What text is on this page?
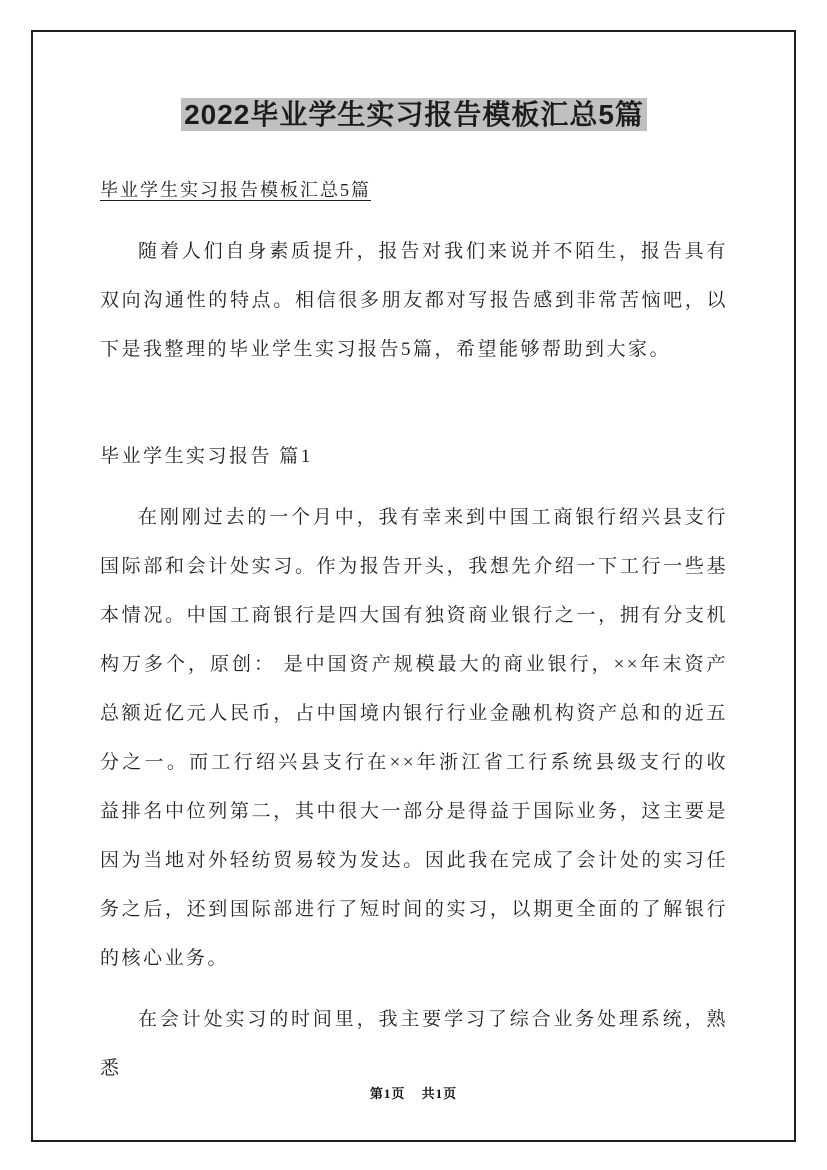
2022毕业学生实习报告模板汇总5篇
毕业学生实习报告模板汇总5篇

随着人们自身素质提升，报告对我们来说并不陌生，报告具有双向沟通性的特点。相信很多朋友都对写报告感到非常苦恼吧，以下是我整理的毕业学生实习报告5篇，希望能够帮助到大家。

毕业学生实习报告 篇1

在刚刚过去的一个月中，我有幸来到中国工商银行绍兴县支行国际部和会计处实习。作为报告开头，我想先介绍一下工行一些基本情况。中国工商银行是四大国有独资商业银行之一，拥有分支机构万多个，原创： 是中国资产规模最大的商业银行，××年末资产总额近亿元人民币，占中国境内银行行业金融机构资产总和的近五分之一。而工行绍兴县支行在××年浙江省工行系统县级支行的收益排名中位列第二，其中很大一部分是得益于国际业务，这主要是因为当地对外轻纺贸易较为发达。因此我在完成了会计处的实习任务之后，还到国际部进行了短时间的实习，以期更全面的了解银行的核心业务。

在会计处实习的时间里，我主要学习了综合业务处理系统，熟悉

第1页 共1页
